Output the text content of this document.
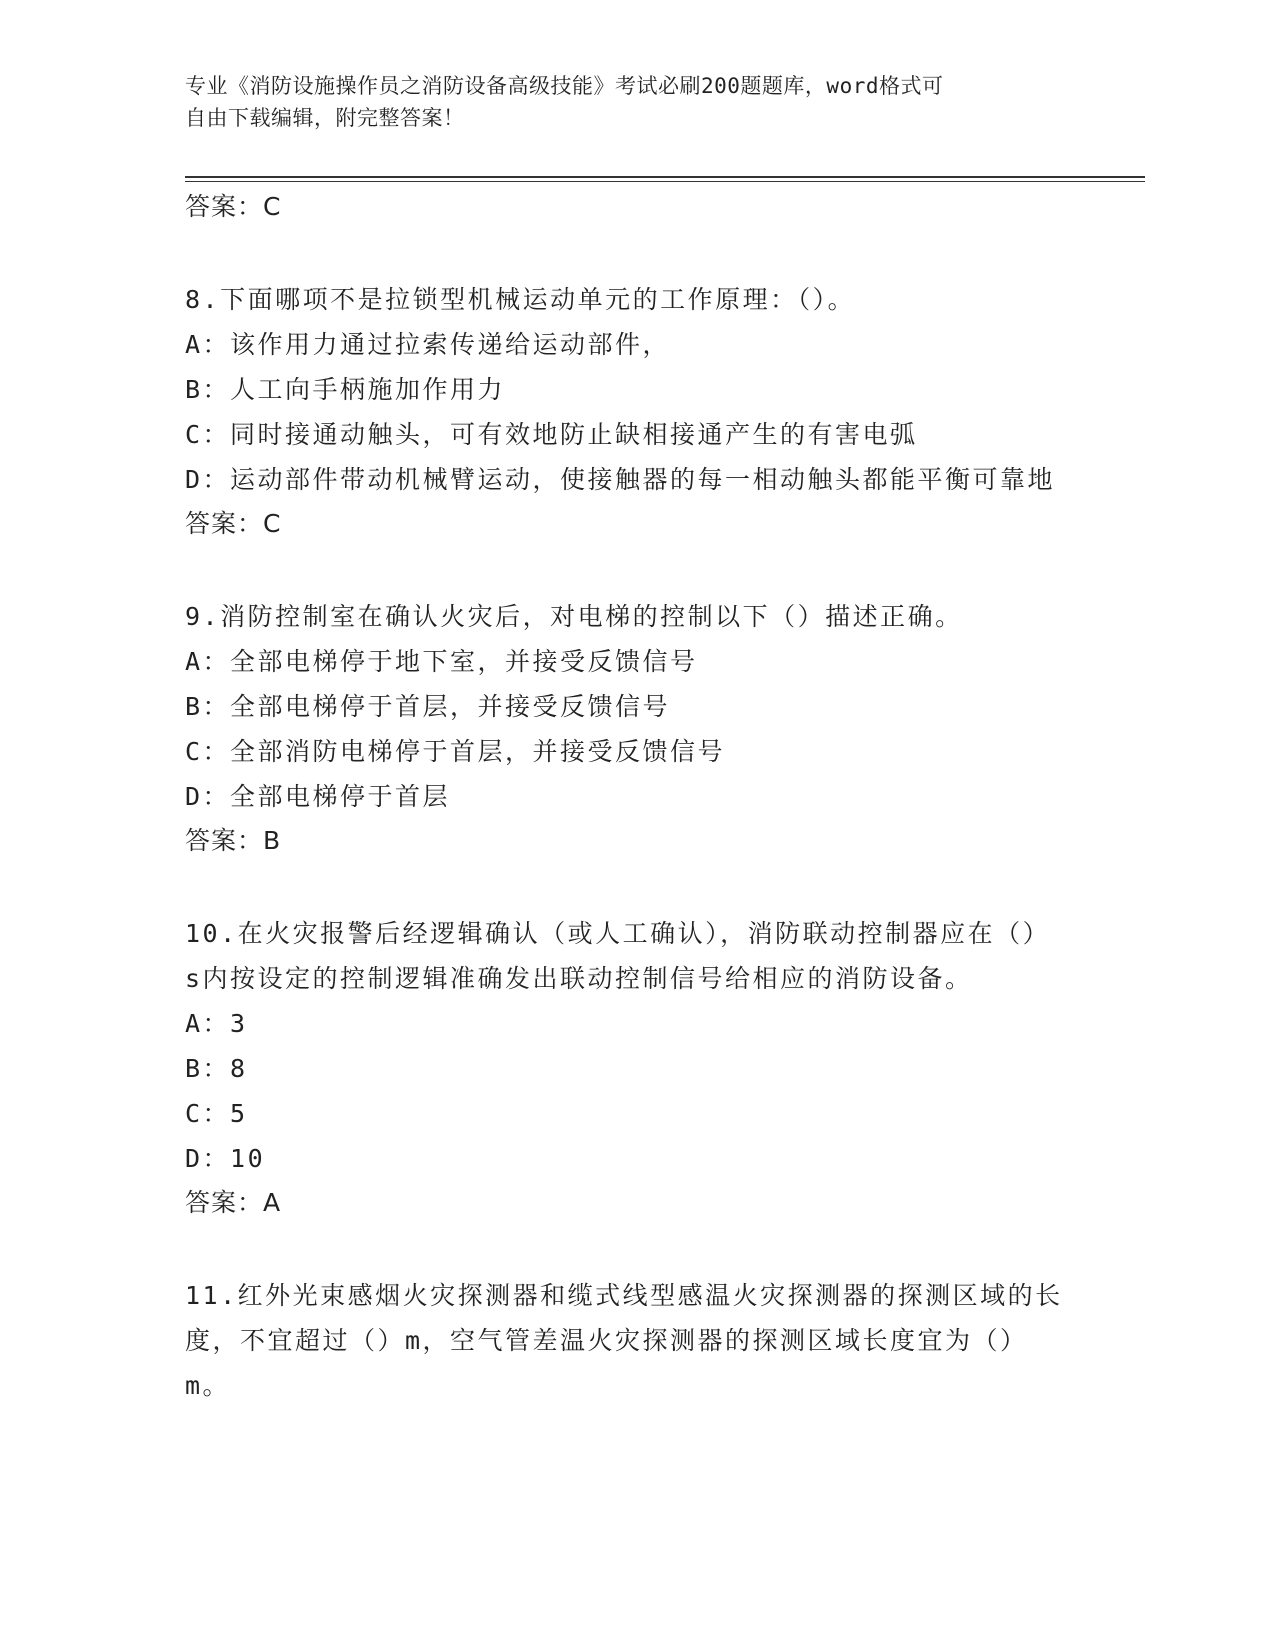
专业《消防设施操作员之消防设备高级技能》考试必刷200题题库，word格式可
自由下载编辑，附完整答案！
答案：C
8.下面哪项不是拉锁型机械运动单元的工作原理：（）。
A：该作用力通过拉索传递给运动部件，
B：人工向手柄施加作用力
C：同时接通动触头，可有效地防止缺相接通产生的有害电弧
D：运动部件带动机械臂运动，使接触器的每一相动触头都能平衡可靠地
答案：C
9.消防控制室在确认火灾后，对电梯的控制以下（）描述正确。
A：全部电梯停于地下室，并接受反馈信号
B：全部电梯停于首层，并接受反馈信号
C：全部消防电梯停于首层，并接受反馈信号
D：全部电梯停于首层
答案：B
10.在火灾报警后经逻辑确认（或人工确认），消防联动控制器应在（）s内按设定的控制逻辑准确发出联动控制信号给相应的消防设备。
A：3
B：8
C：5
D：10
答案：A
11.红外光束感烟火灾探测器和缆式线型感温火灾探测器的探测区域的长度，不宜超过（）m，空气管差温火灾探测器的探测区域长度宜为（）m。
